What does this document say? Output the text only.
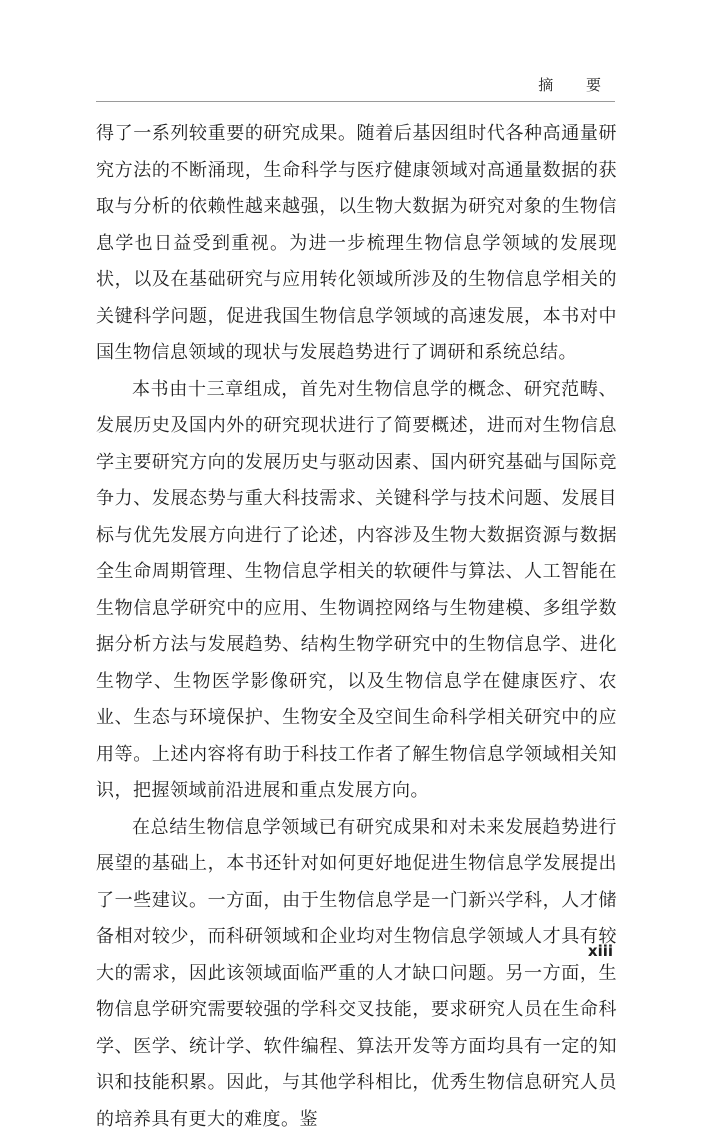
摘 要

得了一系列较重要的研究成果。随着后基因组时代各种高通量研究方法的不断涌现，生命科学与医疗健康领域对高通量数据的获取与分析的依赖性越来越强，以生物大数据为研究对象的生物信息学也日益受到重视。为进一步梳理生物信息学领域的发展现状，以及在基础研究与应用转化领域所涉及的生物信息学相关的关键科学问题，促进我国生物信息学领域的高速发展，本书对中国生物信息领域的现状与发展趋势进行了调研和系统总结。

本书由十三章组成，首先对生物信息学的概念、研究范畴、发展历史及国内外的研究现状进行了简要概述，进而对生物信息学主要研究方向的发展历史与驱动因素、国内研究基础与国际竞争力、发展态势与重大科技需求、关键科学与技术问题、发展目标与优先发展方向进行了论述，内容涉及生物大数据资源与数据全生命周期管理、生物信息学相关的软硬件与算法、人工智能在生物信息学研究中的应用、生物调控网络与生物建模、多组学数据分析方法与发展趋势、结构生物学研究中的生物信息学、进化生物学、生物医学影像研究，以及生物信息学在健康医疗、农业、生态与环境保护、生物安全及空间生命科学相关研究中的应用等。上述内容将有助于科技工作者了解生物信息学领域相关知识，把握领域前沿进展和重点发展方向。

在总结生物信息学领域已有研究成果和对未来发展趋势进行展望的基础上，本书还针对如何更好地促进生物信息学发展提出了一些建议。一方面，由于生物信息学是一门新兴学科，人才储备相对较少，而科研领域和企业均对生物信息学领域人才具有较大的需求，因此该领域面临严重的人才缺口问题。另一方面，生物信息学研究需要较强的学科交叉技能，要求研究人员在生命科学、医学、统计学、软件编程、算法开发等方面均具有一定的知识和技能积累。因此，与其他学科相比，优秀生物信息研究人员的培养具有更大的难度。鉴

xiii
